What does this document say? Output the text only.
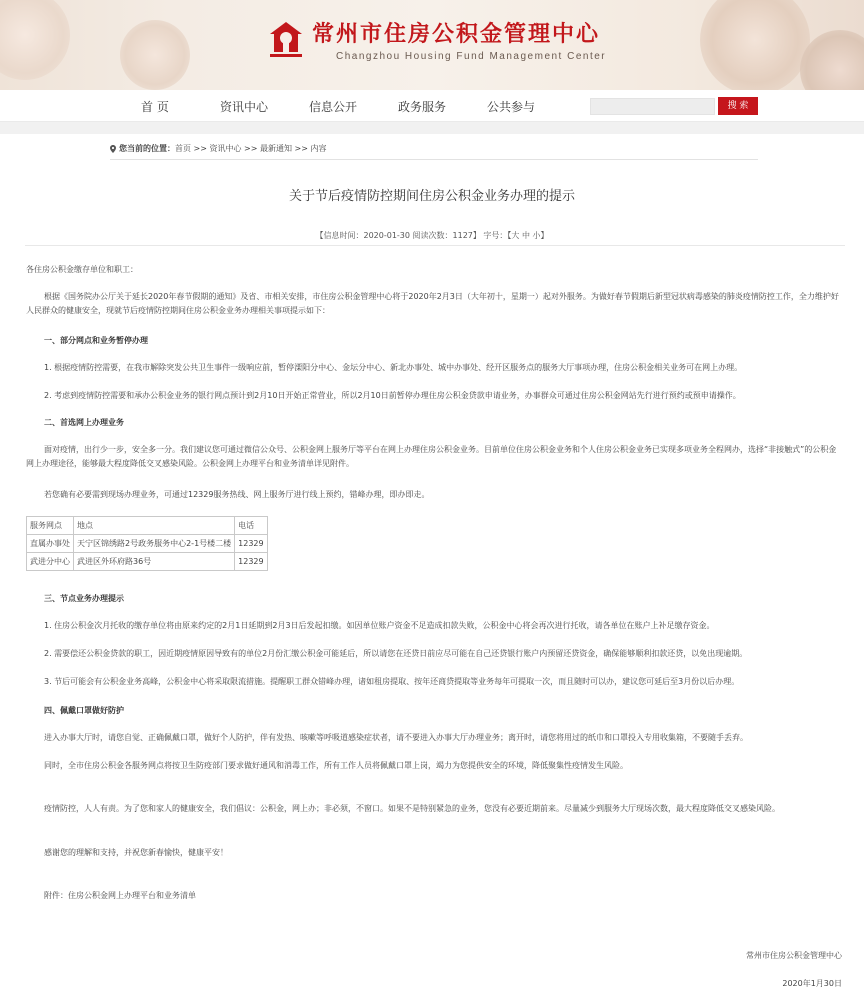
常州市住房公积金管理中心
Changzhou Housing Fund Management Center
首 页	资讯中心	信息公开	政务服务	公共参与	搜 索
您当前的位置： 首页 >> 资讯中心 >> 最新通知 >> 内容
关于节后疫情防控期间住房公积金业务办理的提示
【信息时间：2020-01-30 阅读次数：1127】 字号：【大 中 小】
各住房公积金缴存单位和职工：
根据《国务院办公厅关于延长2020年春节假期的通知》及省、市相关安排，市住房公积金管理中心将于2020年2月3日（大年初十，星期一）起对外服务。为做好春节假期后新型冠状病毒感染的肺炎疫情防控工作，全力维护好人民群众的健康安全，现就节后疫情防控期间住房公积金业务办理相关事项提示如下：
一、部分网点和业务暂停办理
1. 根据疫情防控需要，在我市解除突发公共卫生事件一级响应前，暂停溧阳分中心、金坛分中心、新北办事处、城中办事处、经开区服务点的服务大厅事项办理，住房公积金相关业务可在网上办理。
2. 考虑到疫情防控需要和承办公积金业务的银行网点预计到2月10日开始正常营业，所以2月10日前暂停办理住房公积金贷款申请业务，办事群众可通过住房公积金网站先行进行预约或预申请操作。
二、首选网上办理业务
面对疫情，出行少一步，安全多一分。我们建议您可通过微信公众号、公积金网上服务厅等平台在网上办理住房公积金业务。目前单位住房公积金业务和个人住房公积金业务已实现多项业务全程网办，选择“非接触式”的公积金网上办理途径，能够最大程度降低交叉感染风险。公积金网上办理平台和业务清单详见附件。
若您确有必要需到现场办理业务，可通过12329服务热线、网上服务厅进行线上预约，错峰办理，即办即走。
服务网点	地点	电话
直属办事处	天宁区锦绣路2号政务服务中心2-1号楼二楼	12329
武进分中心	武进区外环府路36号	12329
三、节点业务办理提示
1. 住房公积金次月托收的缴存单位将由原来约定的2月1日延期到2月3日后发起扣缴。如因单位账户资金不足造成扣款失败，公积金中心将会再次进行托收，请各单位在账户上补足缴存资金。
2. 需要偿还公积金贷款的职工，因近期疫情原因导致有的单位2月份汇缴公积金可能延后，所以请您在还贷日前应尽可能在自己还贷银行账户内预留还贷资金，确保能够顺利扣款还贷，以免出现逾期。
3. 节后可能会有公积金业务高峰，公积金中心将采取限流措施。提醒职工群众错峰办理，诸如租房提取、按年还商贷提取等业务每年可提取一次，而且随时可以办，建议您可延后至3月份以后办理。
四、佩戴口罩做好防护
进入办事大厅时，请您自觉、正确佩戴口罩，做好个人防护，伴有发热、咳嗽等呼吸道感染症状者，请不要进入办事大厅办理业务；离开时，请您将用过的纸巾和口罩投入专用收集箱，不要随手丢弃。
同时，全市住房公积金各服务网点将按卫生防疫部门要求做好通风和消毒工作，所有工作人员将佩戴口罩上岗，竭力为您提供安全的环境，降低聚集性疫情发生风险。
疫情防控，人人有责。为了您和家人的健康安全，我们倡议：公积金，网上办；非必须，不窗口。如果不是特别紧急的业务，您没有必要近期前来。尽量减少到服务大厅现场次数，最大程度降低交叉感染风险。
感谢您的理解和支持，并祝您新春愉快，健康平安！
附件：住房公积金网上办理平台和业务清单
常州市住房公积金管理中心
2020年1月30日
